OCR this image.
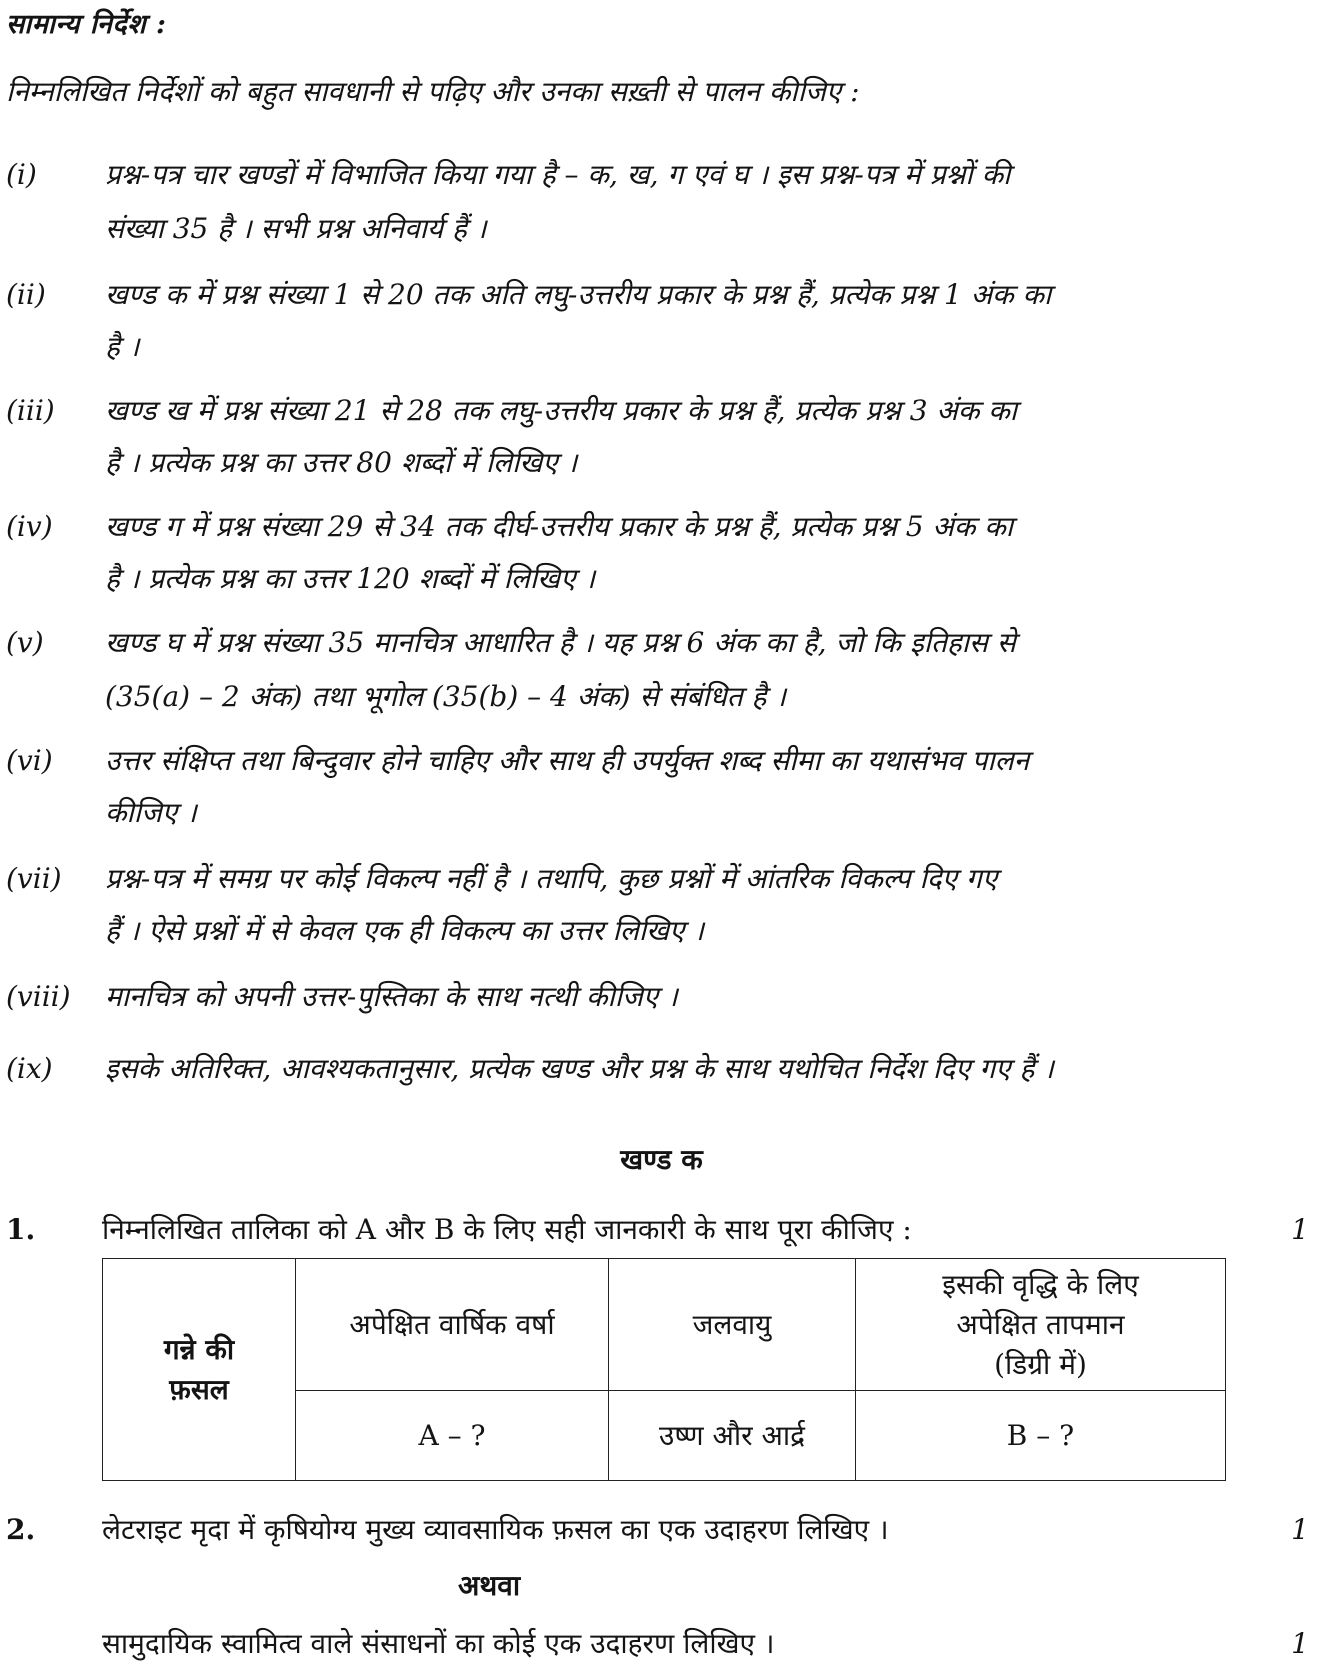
सामान्य निर्देश :
निम्नलिखित निर्देशों को बहुत सावधानी से पढ़िए और उनका सख़्ती से पालन कीजिए :
(i) प्रश्न-पत्र चार खण्डों में विभाजित किया गया है – क, ख, ग एवं घ । इस प्रश्न-पत्र में प्रश्नों की
संख्या 35 है । सभी प्रश्न अनिवार्य हैं ।
(ii) खण्ड क में प्रश्न संख्या 1 से 20 तक अति लघु-उत्तरीय प्रकार के प्रश्न हैं, प्रत्येक प्रश्न 1 अंक का
है ।
(iii) खण्ड ख में प्रश्न संख्या 21 से 28 तक लघु-उत्तरीय प्रकार के प्रश्न हैं, प्रत्येक प्रश्न 3 अंक का
है । प्रत्येक प्रश्न का उत्तर 80 शब्दों में लिखिए ।
(iv) खण्ड ग में प्रश्न संख्या 29 से 34 तक दीर्घ-उत्तरीय प्रकार के प्रश्न हैं, प्रत्येक प्रश्न 5 अंक का
है । प्रत्येक प्रश्न का उत्तर 120 शब्दों में लिखिए ।
(v) खण्ड घ में प्रश्न संख्या 35 मानचित्र आधारित है । यह प्रश्न 6 अंक का है, जो कि इतिहास से
(35(a) – 2 अंक) तथा भूगोल (35(b) – 4 अंक) से संबंधित है ।
(vi) उत्तर संक्षिप्त तथा बिन्दुवार होने चाहिए और साथ ही उपर्युक्त शब्द सीमा का यथासंभव पालन
कीजिए ।
(vii) प्रश्न-पत्र में समग्र पर कोई विकल्प नहीं है । तथापि, कुछ प्रश्नों में आंतरिक विकल्प दिए गए
हैं । ऐसे प्रश्नों में से केवल एक ही विकल्प का उत्तर लिखिए ।
(viii) मानचित्र को अपनी उत्तर-पुस्तिका के साथ नत्थी कीजिए ।
(ix) इसके अतिरिक्त, आवश्यकतानुसार, प्रत्येक खण्ड और प्रश्न के साथ यथोचित निर्देश दिए गए हैं ।
खण्ड क
1. निम्नलिखित तालिका को A और B के लिए सही जानकारी के साथ पूरा कीजिए :	1
गन्ने की
फ़सल	अपेक्षित वार्षिक वर्षा	जलवायु	इसकी वृद्धि के लिए
अपेक्षित तापमान
(डिग्री में)
	A – ?	उष्ण और आर्द्र	B – ?
2. लेटराइट मृदा में कृषियोग्य मुख्य व्यावसायिक फ़सल का एक उदाहरण लिखिए ।	1
अथवा
सामुदायिक स्वामित्व वाले संसाधनों का कोई एक उदाहरण लिखिए ।	1
